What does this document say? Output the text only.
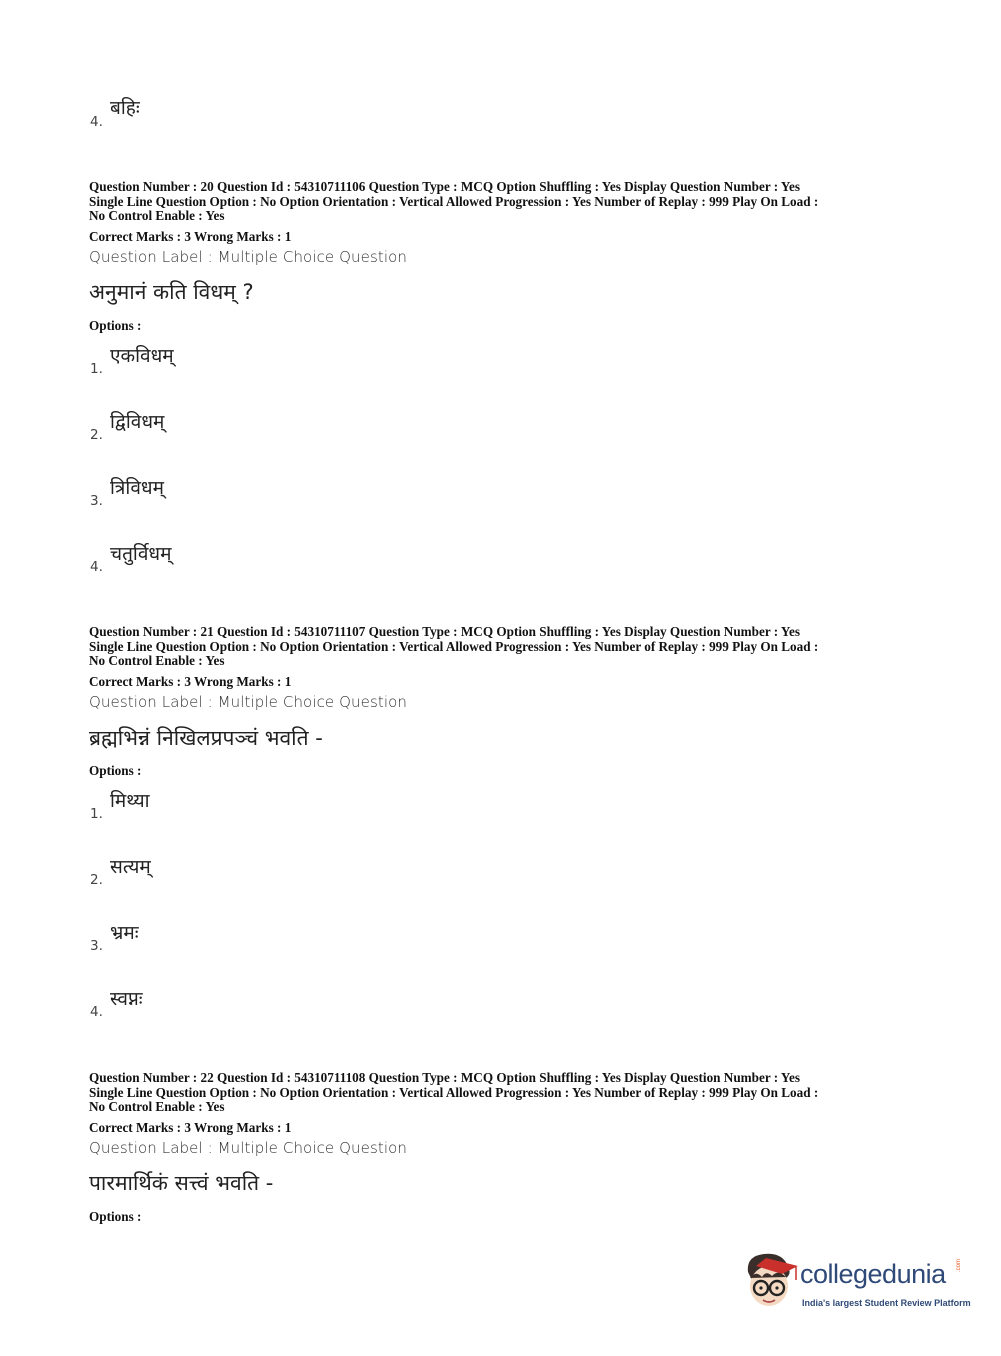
बहिः
4.
Question Number : 20 Question Id : 54310711106 Question Type : MCQ Option Shuffling : Yes Display Question Number : Yes
Single Line Question Option : No Option Orientation : Vertical Allowed Progression : Yes Number of Replay : 999 Play On Load :
No Control Enable : Yes
Correct Marks : 3 Wrong Marks : 1
Question Label : Multiple Choice Question
अनुमानं कति विधम् ?
Options :
एकविधम्
1.
द्विविधम्
2.
त्रिविधम्
3.
चतुर्विधम्
4.
Question Number : 21 Question Id : 54310711107 Question Type : MCQ Option Shuffling : Yes Display Question Number : Yes
Single Line Question Option : No Option Orientation : Vertical Allowed Progression : Yes Number of Replay : 999 Play On Load :
No Control Enable : Yes
Correct Marks : 3 Wrong Marks : 1
Question Label : Multiple Choice Question
ब्रह्मभिन्नं निखिलप्रपञ्चं भवति -
Options :
मिथ्या
1.
सत्यम्
2.
भ्रमः
3.
स्वप्नः
4.
Question Number : 22 Question Id : 54310711108 Question Type : MCQ Option Shuffling : Yes Display Question Number : Yes
Single Line Question Option : No Option Orientation : Vertical Allowed Progression : Yes Number of Replay : 999 Play On Load :
No Control Enable : Yes
Correct Marks : 3 Wrong Marks : 1
Question Label : Multiple Choice Question
पारमार्थिकं सत्त्वं भवति -
Options :
collegedunia .com
India's largest Student Review Platform
